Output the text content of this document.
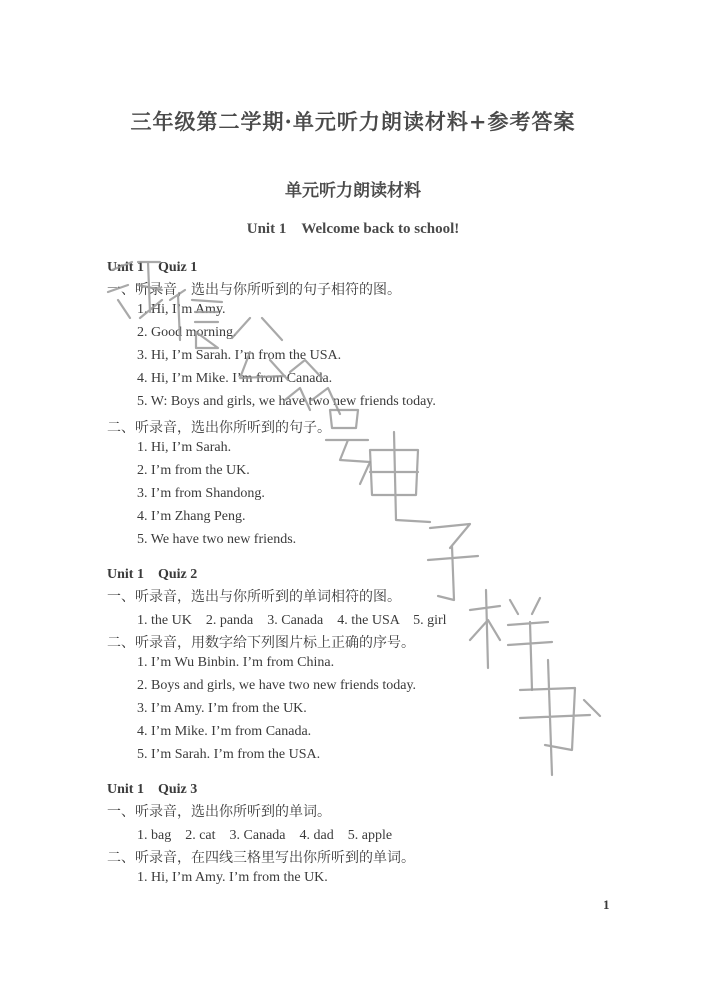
三年级第二学期·单元听力朗读材料+参考答案
单元听力朗读材料
Unit 1　Welcome back to school!
Unit 1　Quiz 1
一、听录音，选出与你所听到的句子相符的图。
1. Hi, I’m Amy.
2. Good morning.
3. Hi, I’m Sarah. I’m from the USA.
4. Hi, I’m Mike. I’m from Canada.
5. W: Boys and girls, we have two new friends today.
二、听录音，选出你所听到的句子。
1. Hi, I’m Sarah.
2. I’m from the UK.
3. I’m from Shandong.
4. I’m Zhang Peng.
5. We have two new friends.
Unit 1　Quiz 2
一、听录音，选出与你所听到的单词相符的图。
1. the UK　2. panda　3. Canada　4. the USA　5. girl
二、听录音，用数字给下列图片标上正确的序号。
1. I’m Wu Binbin. I’m from China.
2. Boys and girls, we have two new friends today.
3. I’m Amy. I’m from the UK.
4. I’m Mike. I’m from Canada.
5. I’m Sarah. I’m from the USA.
Unit 1　Quiz 3
一、听录音，选出你所听到的单词。
1. bag　2. cat　3. Canada　4. dad　5. apple
二、听录音，在四线三格里写出你所听到的单词。
1. Hi, I’m Amy. I’m from the UK.
1
